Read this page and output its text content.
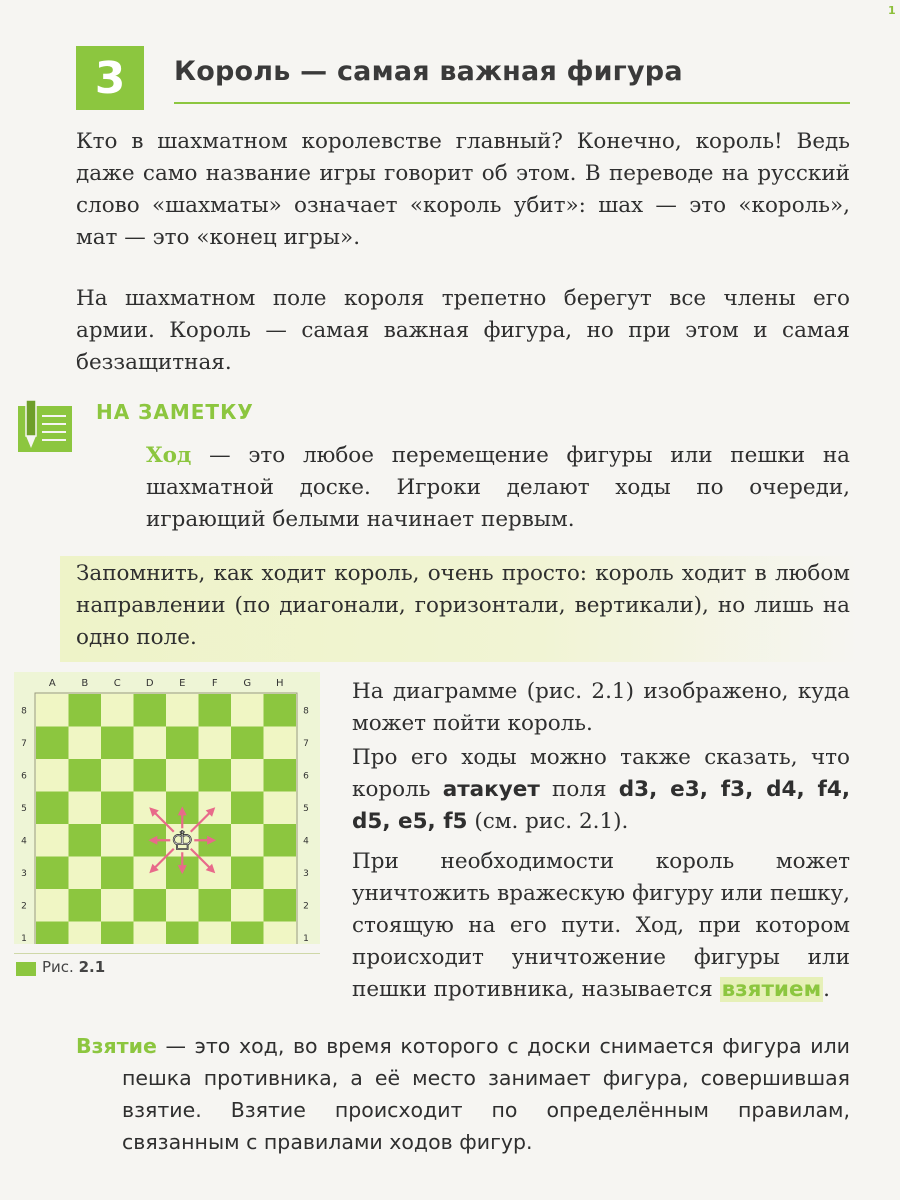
1
3	Король — самая важная фигура

Кто в шахматном королевстве главный? Конечно, король! Ведь даже само название игры говорит об этом. В переводе на русский слово «шахматы» означает «король убит»: шах — это «король», мат — это «конец игры».

На шахматном поле короля трепетно берегут все члены его армии. Король — самая важная фигура, но при этом и самая беззащитная.

НА ЗАМЕТКУ

Ход — это любое перемещение фигуры или пешки на шахматной доске. Игроки делают ходы по очереди, играющий белыми начинает первым.

Запомнить, как ходит король, очень просто: король ходит в любом направлении (по диагонали, горизонтали, вертикали), но лишь на одно поле.

A	B	C	D	E	F	G H
8	8
7	7
6	6
5	5
4	4
3	3
2	2
1	1
♔
Рис. 2.1

На диаграмме (рис. 2.1) изображено, куда может пойти король.

Про его ходы можно также сказать, что король атакует поля d3, e3, f3, d4, f4, d5, e5, f5 (см. рис. 2.1).

При необходимости король может уничтожить вражескую фигуру или пешку, стоящую на его пути. Ход, при котором происходит уничтожение фигуры или пешки противника, называется взятием.

Взятие — это ход, во время которого с доски снимается фигура или пешка противника, а её место занимает фигура, совершившая взятие. Взятие происходит по определённым правилам, связанным с правилами ходов фигур.
